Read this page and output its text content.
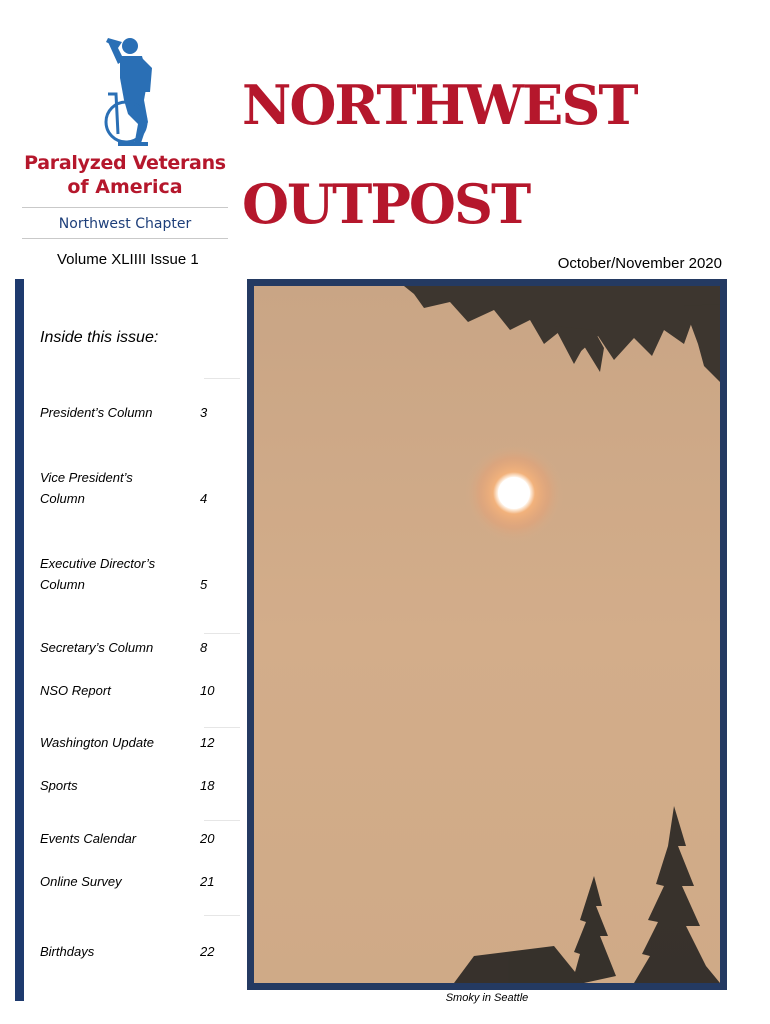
Paralyzed Veterans
of America
Northwest Chapter
NORTHWEST
OUTPOST
Volume XLIIII Issue 1	October/November 2020
Inside this issue:
President’s Column	3
Vice President’s
Column	4
Executive Director’s
Column	5
Secretary’s Column	8
NSO Report	10
Washington Update	12
Sports	18
Events Calendar	20
Online Survey	21
Birthdays	22
Smoky in Seattle
